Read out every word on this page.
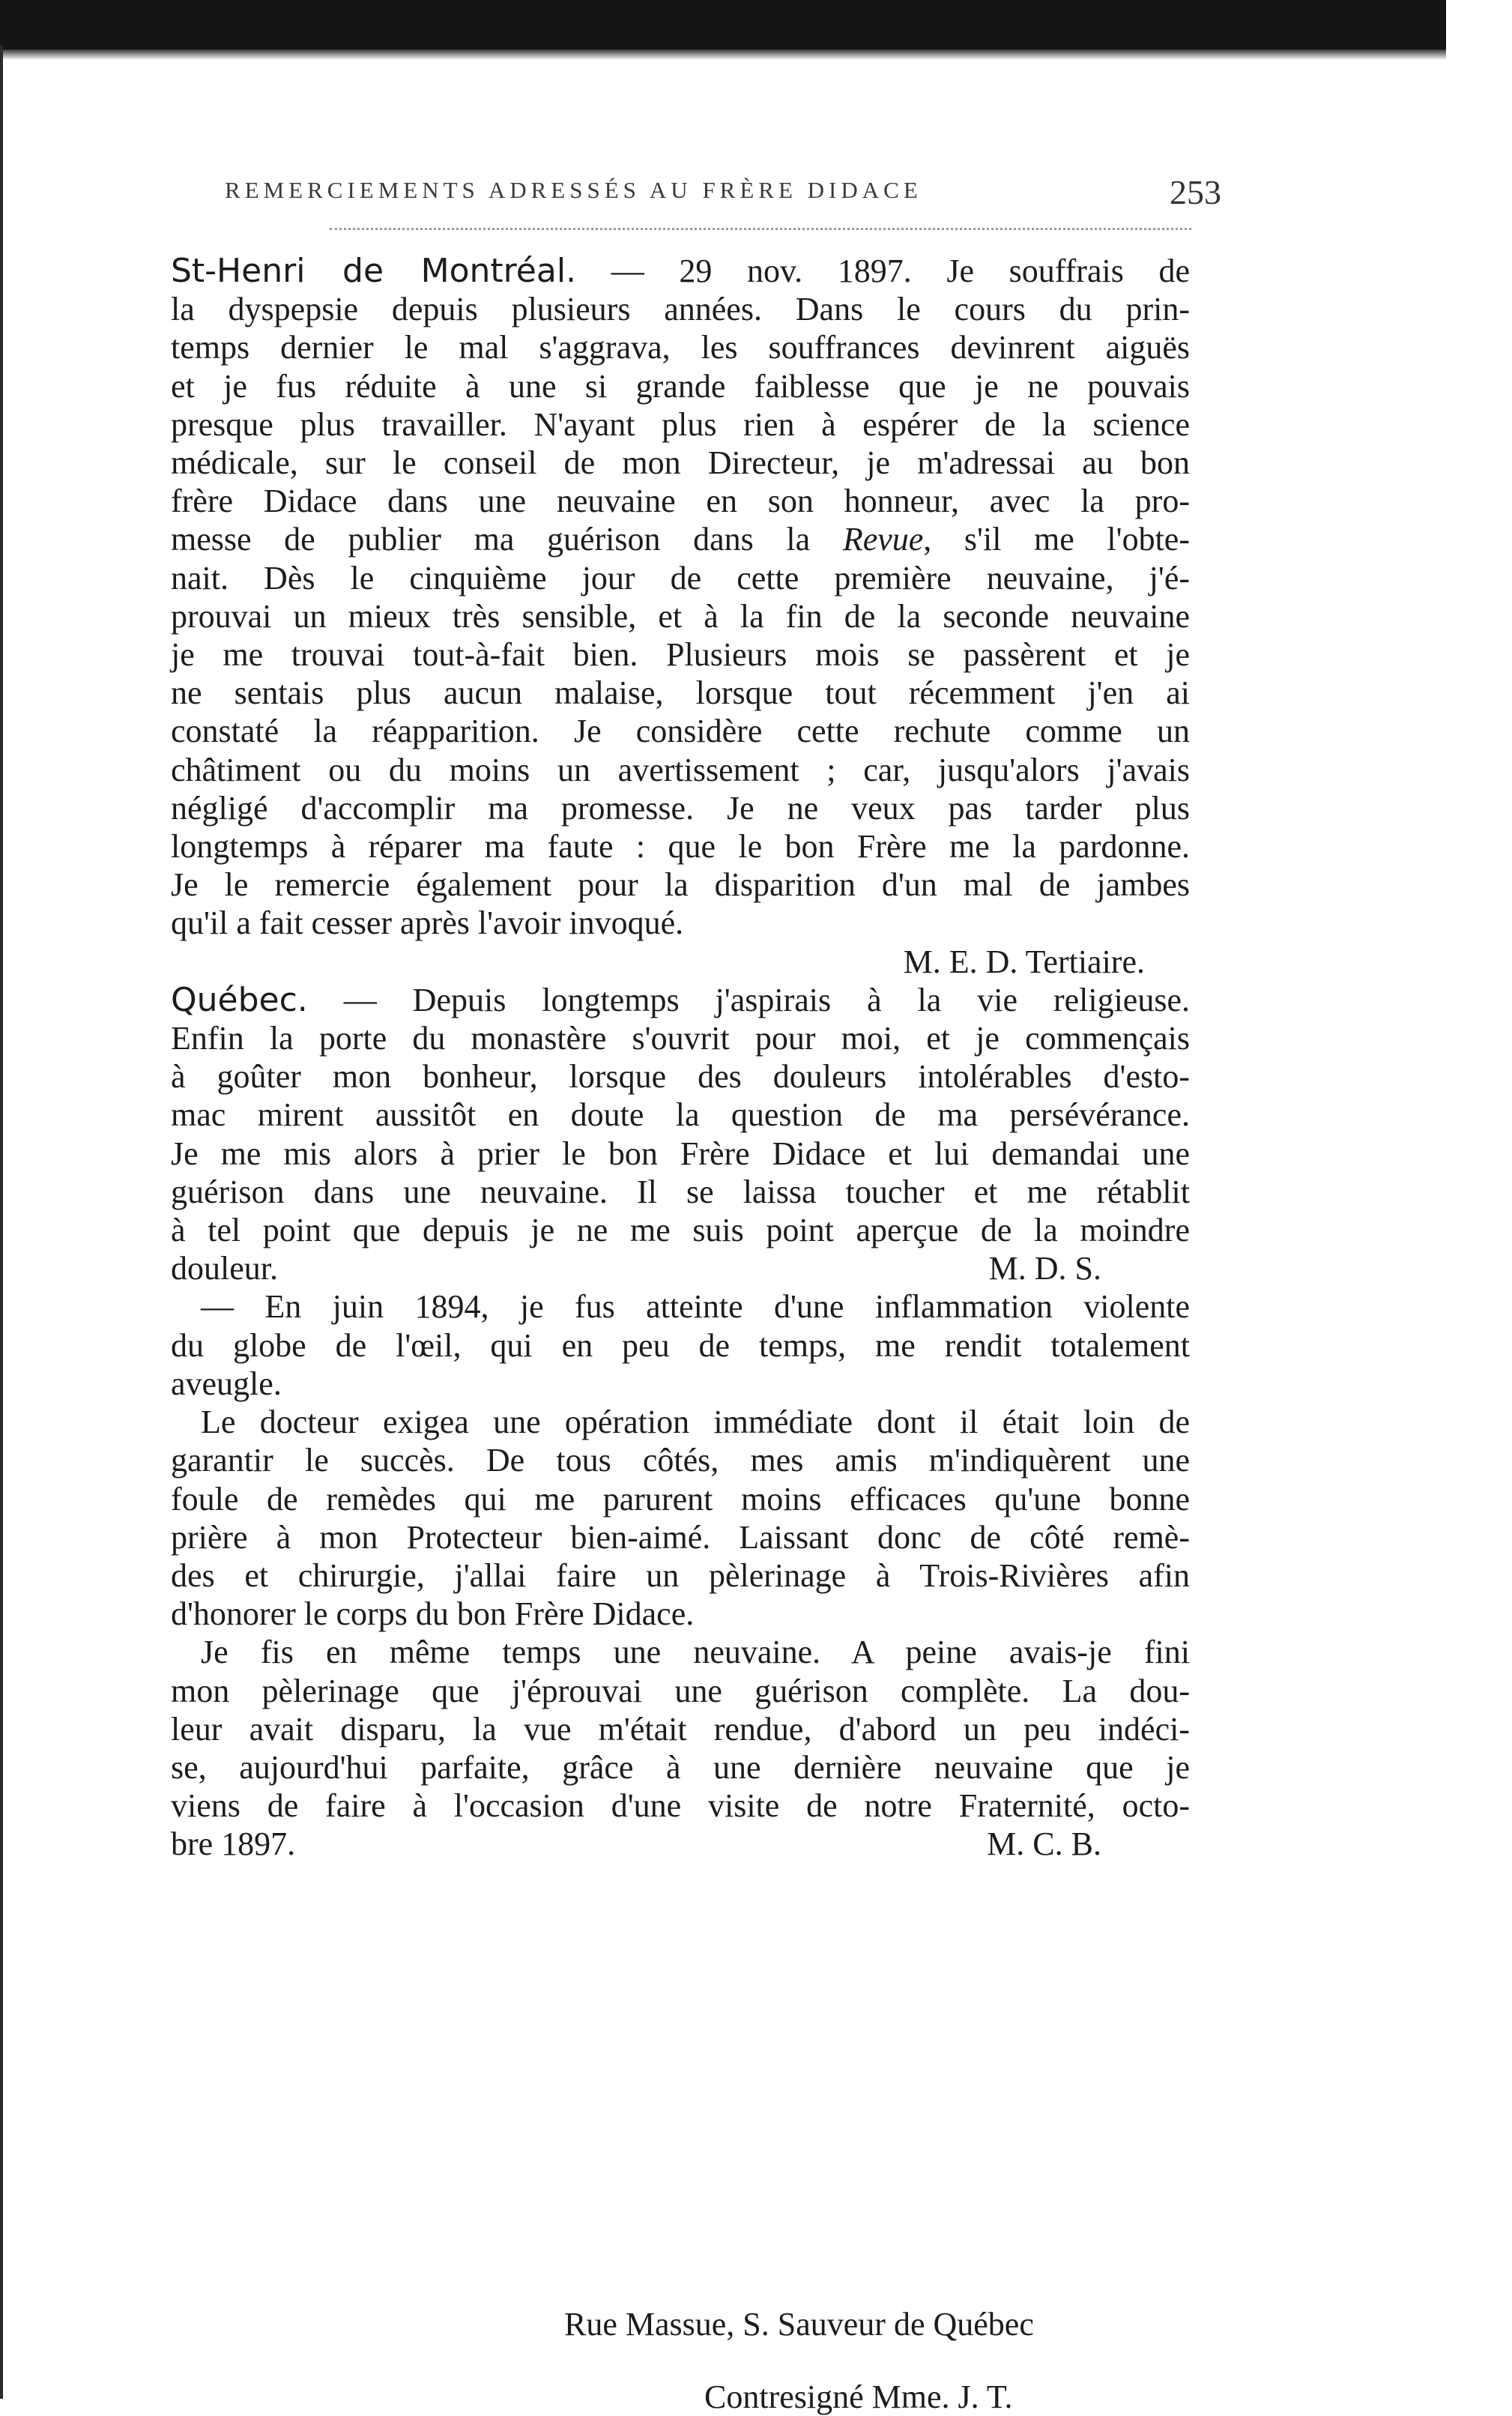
REMERCIEMENTS ADRESSÉS AU FRÈRE DIDACE	253
St-Henri de Montréal. — 29 nov. 1897. Je souffrais de
la dyspepsie depuis plusieurs années. Dans le cours du prin-
temps dernier le mal s'aggrava, les souffrances devinrent aiguës
et je fus réduite à une si grande faiblesse que je ne pouvais
presque plus travailler. N'ayant plus rien à espérer de la science
médicale, sur le conseil de mon Directeur, je m'adressai au bon
frère Didace dans une neuvaine en son honneur, avec la pro-
messe de publier ma guérison dans la Revue, s'il me l'obte-
nait. Dès le cinquième jour de cette première neuvaine, j'é-
prouvai un mieux très sensible, et à la fin de la seconde neuvaine
je me trouvai tout-à-fait bien. Plusieurs mois se passèrent et je
ne sentais plus aucun malaise, lorsque tout récemment j'en ai
constaté la réapparition. Je considère cette rechute comme un
châtiment ou du moins un avertissement ; car, jusqu'alors j'avais
négligé d'accomplir ma promesse. Je ne veux pas tarder plus
longtemps à réparer ma faute : que le bon Frère me la pardonne.
Je le remercie également pour la disparition d'un mal de jambes
qu'il a fait cesser après l'avoir invoqué.
M. E. D. Tertiaire.
Québec. — Depuis longtemps j'aspirais à la vie religieuse.
Enfin la porte du monastère s'ouvrit pour moi, et je commençais
à goûter mon bonheur, lorsque des douleurs intolérables d'esto-
mac mirent aussitôt en doute la question de ma persévérance.
Je me mis alors à prier le bon Frère Didace et lui demandai une
guérison dans une neuvaine. Il se laissa toucher et me rétablit
à tel point que depuis je ne me suis point aperçue de la moindre
douleur.	M. D. S.
— En juin 1894, je fus atteinte d'une inflammation violente
du globe de l'œil, qui en peu de temps, me rendit totalement
aveugle.
Le docteur exigea une opération immédiate dont il était loin de
garantir le succès. De tous côtés, mes amis m'indiquèrent une
foule de remèdes qui me parurent moins efficaces qu'une bonne
prière à mon Protecteur bien-aimé. Laissant donc de côté remè-
des et chirurgie, j'allai faire un pèlerinage à Trois-Rivières afin
d'honorer le corps du bon Frère Didace.
Je fis en même temps une neuvaine. A peine avais-je fini
mon pèlerinage que j'éprouvai une guérison complète. La dou-
leur avait disparu, la vue m'était rendue, d'abord un peu indéci-
se, aujourd'hui parfaite, grâce à une dernière neuvaine que je
viens de faire à l'occasion d'une visite de notre Fraternité, octo-
bre 1897.	M. C. B.
Rue Massue, S. Sauveur de Québec
Contresigné Mme. J. T.
